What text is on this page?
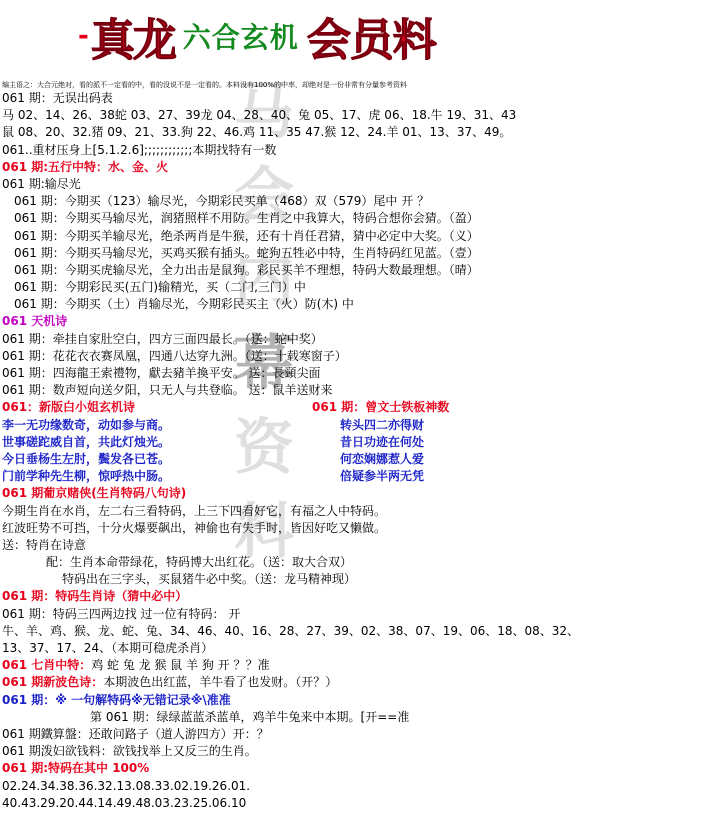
- 真龙 六合玄机 会员料
马
会
内
幕
资
料
编主语之：大合元绝对，看的派不一定看的中，看的没说不是一定看的。本料没有100%的中率，却绝对是一份非常有分量参考资料
061 期：无误出码表
马 02、14、26、38蛇 03、27、39龙 04、28、40、兔 05、17、虎 06、18.牛 19、31、43
鼠 08、20、32.猪 09、21、33.狗 22、46.鸡 11、35 47.猴 12、24.羊 01、13、37、49。
061..重材压身上[5.1.2.6];;;;;;;;;;;;本期找特有一数
061 期:五行中特：水、金、火
061 期:输尽光
061 期：今期买（123）输尽光，今期彩民买单（468）双（579）尾中 开 ？
061 期：今期买马输尽光，润猪照样不用防。生肖之中我算大，特码合想你会猜。（盈）
061 期：今期买羊输尽光，绝杀两肖是牛猴，还有十肖任君猜，猜中必定中大奖。（义）
061 期：今期买马输尽光，买鸡买猴有插头。蛇狗五牲必中特，生肖特码红见蓝。（壹）
061 期：今期买虎输尽光，全力出击是鼠狗。彩民买羊不理想，特码大数最理想。（晴）
061 期：今期彩民买(五门)输精光，买（二门,三门）中
061 期：今期买（土）肖输尽光，今期彩民买主（火）防(木) 中
061 天机诗
061 期：牵挂自家肚空白，四方三面四最长。（送：蛇中奖）
061 期：花花衣衣赛凤凰，四通八达穿九洲。（送：十载寒窗子）
061 期：四海龍王索禮物，獻去豬羊換平安。 送：長頸尖面
061 期：数声短向送夕阳，只无人与共登临。 送：鼠羊送财来
061：新版白小姐玄机诗	061 期：曾文士铁板神数
李一无功缘数奇，动如参与商。	转头四二亦得财
世事磋跎威自首，共此灯烛光。	昔日功迹在何处
今日垂杨生左肘，鬓发各已苍。	何恋娴娜惹人爱
门前学种先生柳，惊呼热中肠。	倍疑参半两无凭
061 期葡京赌侠(生肖特码八句诗)
今期生肖在水肖，左二右三看特码，上三下四看好它，有福之人中特码。
红波旺势不可挡，十分火爆要飙出，神偷也有失手时，皆因好吃又懒做。
送：特肖在诗意
配：生肖本命带绿花，特码博大出红花。（送：取大合双）
特码出在三字头，买鼠猪牛必中奖。（送：龙马精神现）
061 期：特码生肖诗（猜中必中）
061 期：特码三四两边找 过一位有特码： 开
牛、羊、鸡、猴、龙、蛇、兔、34、46、40、16、28、27、39、02、38、07、19、06、18、08、32、
13、37、17、24、（本期可稳虎杀肖）
061 七肖中特：鸡 蛇 兔 龙 猴 鼠 羊 狗 开 ？？准
061 期新波色诗：本期波色出红蓝，羊牛看了也发财。（开？）
061 期：※ 一句解特码※无错记录※\准准
第 061 期：绿绿蓝蓝杀蓝单，鸡羊牛兔来中本期。[开==准
061 期鐵算盤：还敢问路子（道人游四方）开：？
061 期泼妇欲钱料：欲钱找举上又反三的生肖。
061 期:特码在其中 100%
02.24.34.38.36.32.13.08.33.02.19.26.01.
40.43.29.20.44.14.49.48.03.23.25.06.10
